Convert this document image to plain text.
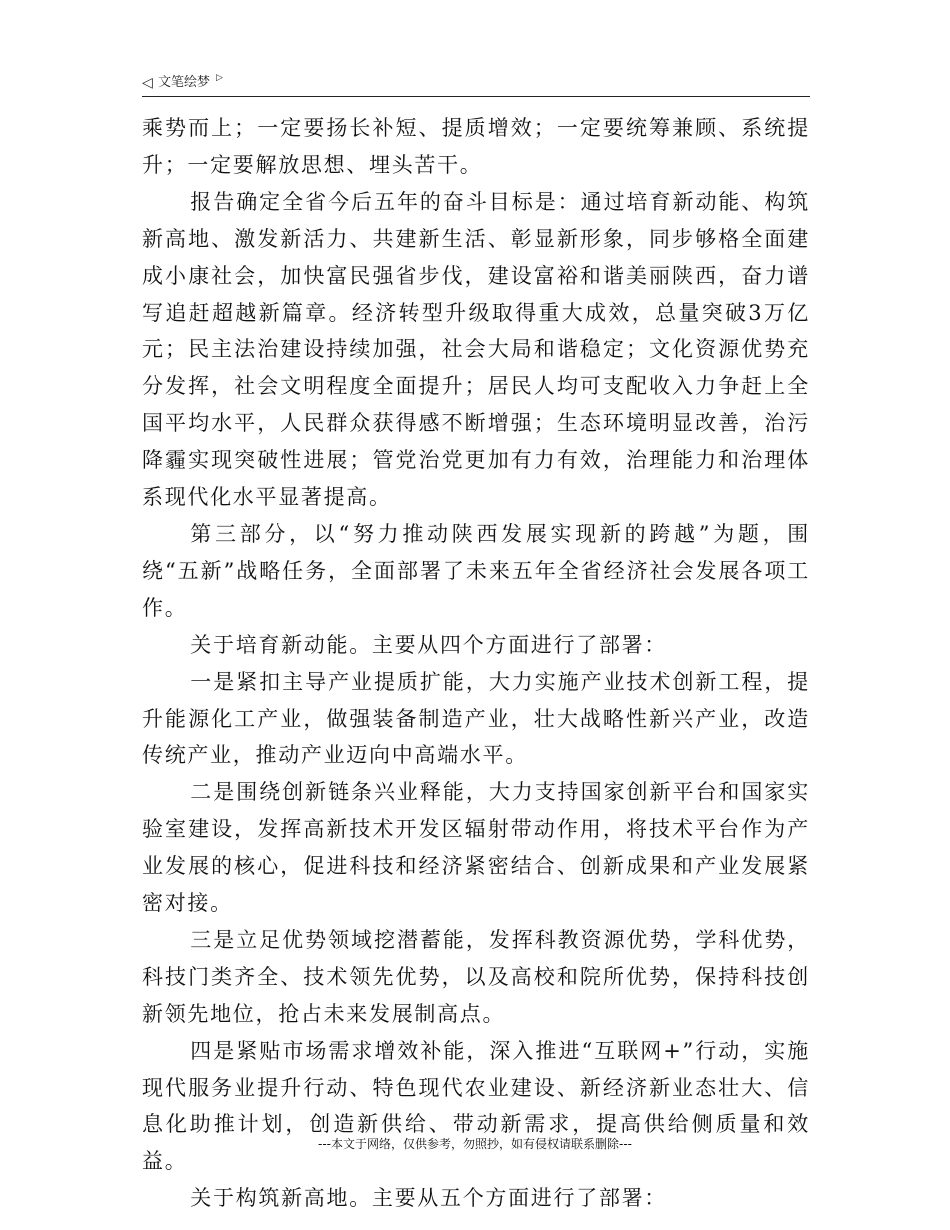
◁ 文笔绘梦 ▷

乘势而上；一定要扬长补短、提质增效；一定要统筹兼顾、系统提升；一定要解放思想、埋头苦干。

报告确定全省今后五年的奋斗目标是：通过培育新动能、构筑新高地、激发新活力、共建新生活、彰显新形象，同步够格全面建成小康社会，加快富民强省步伐，建设富裕和谐美丽陕西，奋力谱写追赶超越新篇章。经济转型升级取得重大成效，总量突破3万亿元；民主法治建设持续加强，社会大局和谐稳定；文化资源优势充分发挥，社会文明程度全面提升；居民人均可支配收入力争赶上全国平均水平，人民群众获得感不断增强；生态环境明显改善，治污降霾实现突破性进展；管党治党更加有力有效，治理能力和治理体系现代化水平显著提高。

第三部分，以“努力推动陕西发展实现新的跨越”为题，围绕“五新”战略任务，全面部署了未来五年全省经济社会发展各项工作。

关于培育新动能。主要从四个方面进行了部署：

一是紧扣主导产业提质扩能，大力实施产业技术创新工程，提升能源化工产业，做强装备制造产业，壮大战略性新兴产业，改造传统产业，推动产业迈向中高端水平。

二是围绕创新链条兴业释能，大力支持国家创新平台和国家实验室建设，发挥高新技术开发区辐射带动作用，将技术平台作为产业发展的核心，促进科技和经济紧密结合、创新成果和产业发展紧密对接。

三是立足优势领域挖潜蓄能，发挥科教资源优势，学科优势，科技门类齐全、技术领先优势，以及高校和院所优势，保持科技创新领先地位，抢占未来发展制高点。

四是紧贴市场需求增效补能，深入推进“互联网+”行动，实施现代服务业提升行动、特色现代农业建设、新经济新业态壮大、信息化助推计划，创造新供给、带动新需求，提高供给侧质量和效益。

关于构筑新高地。主要从五个方面进行了部署：

---本文于网络，仅供参考，勿照抄，如有侵权请联系删除---
